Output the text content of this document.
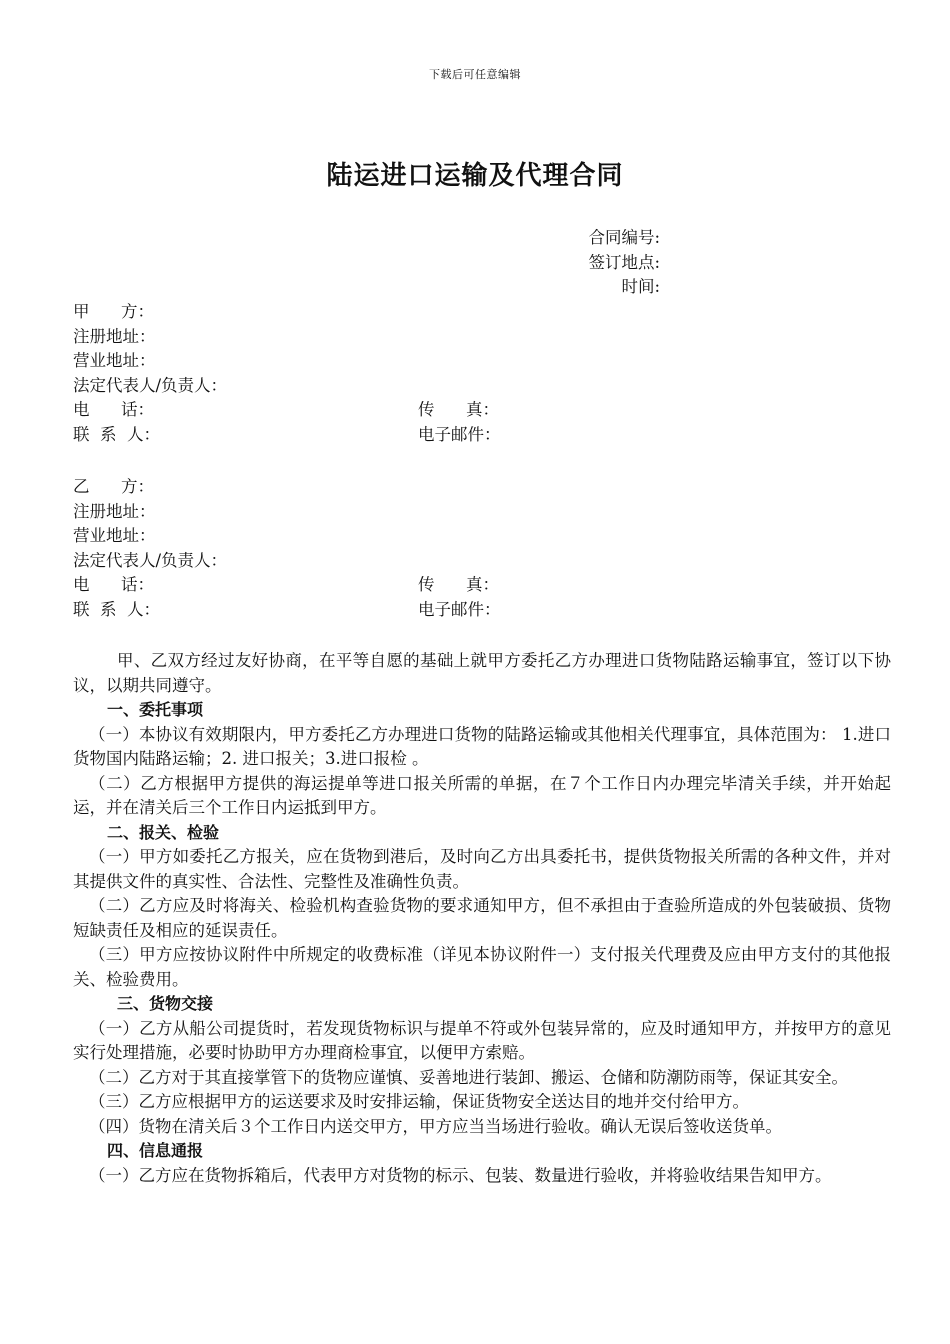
下载后可任意编辑
陆运进口运输及代理合同
合同编号:
签订地点:
时间:
甲      方：
注册地址：
营业地址：
法定代表人/负责人：
电      话：	传      真：
联  系  人：	电子邮件：
乙      方：
注册地址：
营业地址：
法定代表人/负责人：
电      话：	传      真：
联  系  人：	电子邮件：

甲、乙双方经过友好协商，在平等自愿的基础上就甲方委托乙方办理进口货物陆路运输事宜，签订以下协议，以期共同遵守。

一、委托事项

（一）本协议有效期限内，甲方委托乙方办理进口货物的陆路运输或其他相关代理事宜，具体范围为： 1.进口货物国内陆路运输；2. 进口报关；3.进口报检 。

（二）乙方根据甲方提供的海运提单等进口报关所需的单据，在７个工作日内办理完毕清关手续，并开始起运，并在清关后三个工作日内运抵到甲方。

二、报关、检验

（一）甲方如委托乙方报关，应在货物到港后，及时向乙方出具委托书，提供货物报关所需的各种文件，并对其提供文件的真实性、合法性、完整性及准确性负责。

（二）乙方应及时将海关、检验机构查验货物的要求通知甲方，但不承担由于查验所造成的外包装破损、货物短缺责任及相应的延误责任。

（三）甲方应按协议附件中所规定的收费标准（详见本协议附件一）支付报关代理费及应由甲方支付的其他报关、检验费用。

三、货物交接

（一）乙方从船公司提货时，若发现货物标识与提单不符或外包装异常的，应及时通知甲方，并按甲方的意见实行处理措施，必要时协助甲方办理商检事宜，以便甲方索赔。

（二）乙方对于其直接掌管下的货物应谨慎、妥善地进行装卸、搬运、仓储和防潮防雨等，保证其安全。

（三）乙方应根据甲方的运送要求及时安排运输，保证货物安全送达目的地并交付给甲方。

（四）货物在清关后３个工作日内送交甲方，甲方应当当场进行验收。确认无误后签收送货单。

四、信息通报

（一）乙方应在货物拆箱后，代表甲方对货物的标示、包装、数量进行验收，并将验收结果告知甲方。
